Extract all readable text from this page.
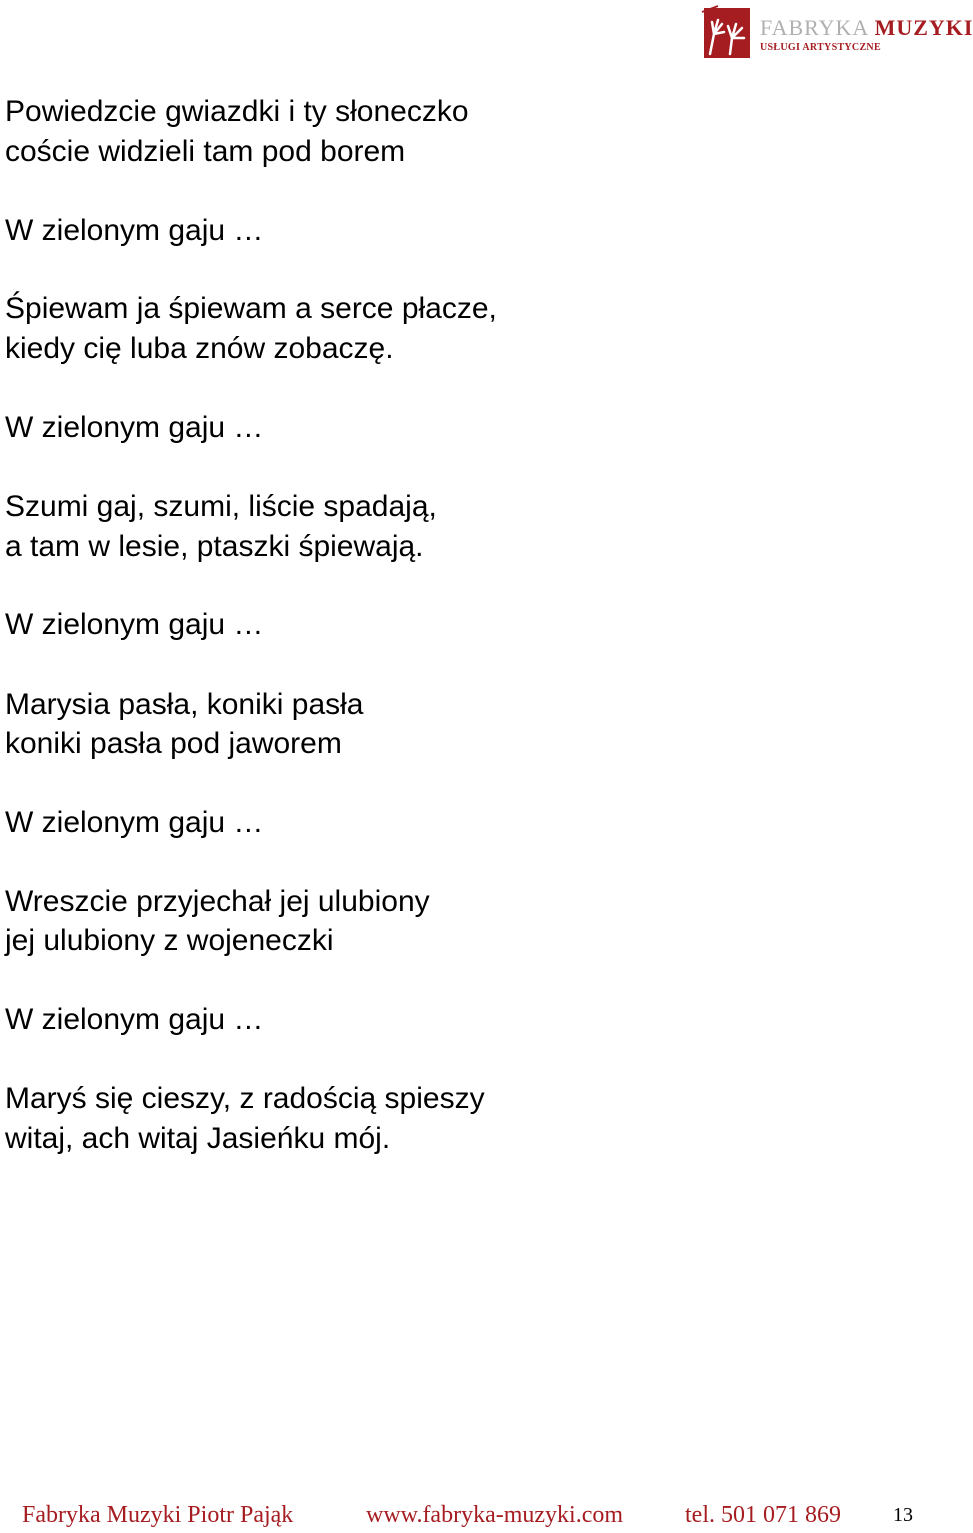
FABRYKA MUZYKI
USŁUGI ARTYSTYCZNE
Powiedzcie gwiazdki i ty słoneczko
coście widzieli tam pod borem
W zielonym gaju …
Śpiewam ja śpiewam a serce płacze,
kiedy cię luba znów zobaczę.
W zielonym gaju …
Szumi gaj, szumi, liście spadają,
a tam w lesie, ptaszki śpiewają.
W zielonym gaju …
Marysia pasła, koniki pasła
koniki pasła pod jaworem
W zielonym gaju …
Wreszcie przyjechał jej ulubiony
jej ulubiony z wojeneczki
W zielonym gaju …
Maryś się cieszy, z radością spieszy
witaj, ach witaj Jasieńku mój.
Fabryka Muzyki Piotr Pająk	www.fabryka-muzyki.com	tel. 501 071 869	13
